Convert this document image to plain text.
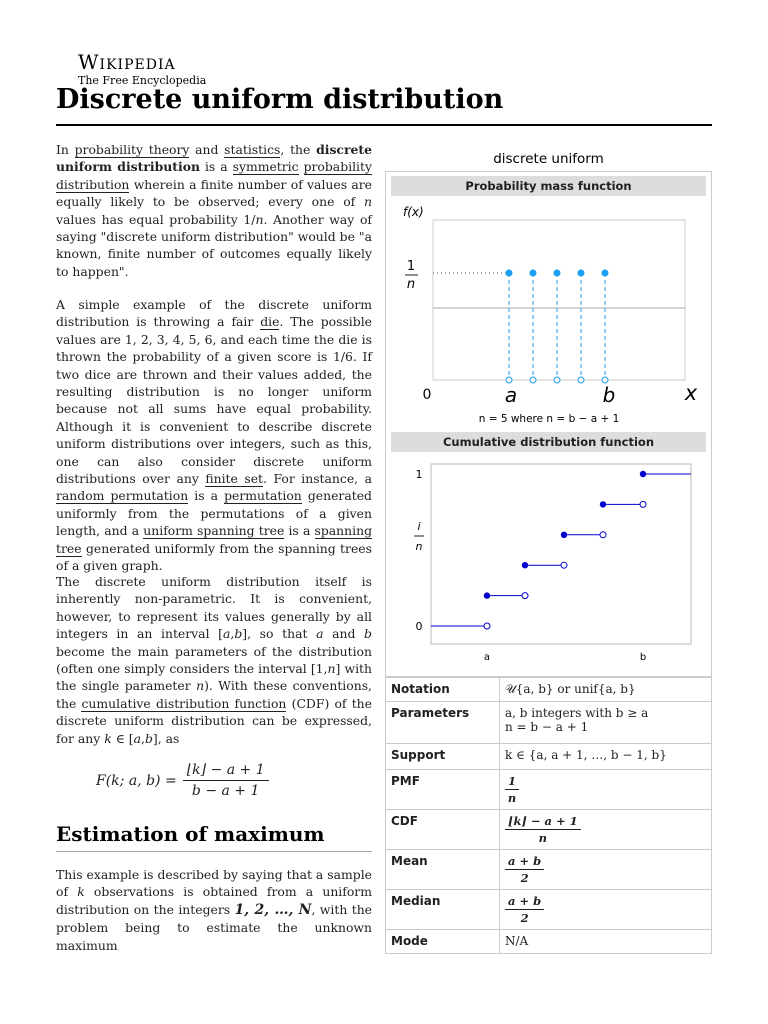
Wikipedia
The Free Encyclopedia
Discrete uniform distribution

In probability theory and statistics, the discrete uniform distribution is a symmetric probability distribution wherein a finite number of values are equally likely to be observed; every one of n values has equal probability 1/n. Another way of saying "discrete uniform distribution" would be "a known, finite number of outcomes equally likely to happen".

A simple example of the discrete uniform distribution is throwing a fair die. The possible values are 1, 2, 3, 4, 5, 6, and each time the die is thrown the probability of a given score is 1/6. If two dice are thrown and their values added, the resulting distribution is no longer uniform because not all sums have equal probability. Although it is convenient to describe discrete uniform distributions over integers, such as this, one can also consider discrete uniform distributions over any finite set. For instance, a random permutation is a permutation generated uniformly from the permutations of a given length, and a uniform spanning tree is a spanning tree generated uniformly from the spanning trees of a given graph.

The discrete uniform distribution itself is inherently non-parametric. It is convenient, however, to represent its values generally by all integers in an interval [a,b], so that a and b become the main parameters of the distribution (often one simply considers the interval [1,n] with the single parameter n). With these conventions, the cumulative distribution function (CDF) of the discrete uniform distribution can be expressed, for any k ∈ [a,b], as

F(k; a, $b) = \frac{⌊k⌋ - a + 1}{b - a + 1}$
Estimation of maximum

This example is described by saying that a sample of k observations is obtained from a uniform distribution on the integers 1, 2, …, N, with the problem being to estimate the unknown maximum

discrete uniform
Probability mass function
f(x)
1
n
0	a	b	x
n = 5 where n = b − a + 1
Cumulative distribution function
1
i
n
0
a	b
Notation	𝒰{a, b} or unif{a, b}

Parameters	a, b integers with b ≥ a
n = b − a + 1

Support	k ∈ {a, a + 1, …, b − 1, b}

PMF	$\frac{1}{n}$

CDF	$\frac{⌊k⌋ - a + 1}{n}$

Mean	$\frac{a + b}{2}$

Median	$\frac{a + b}{2}$

Mode	N/A
